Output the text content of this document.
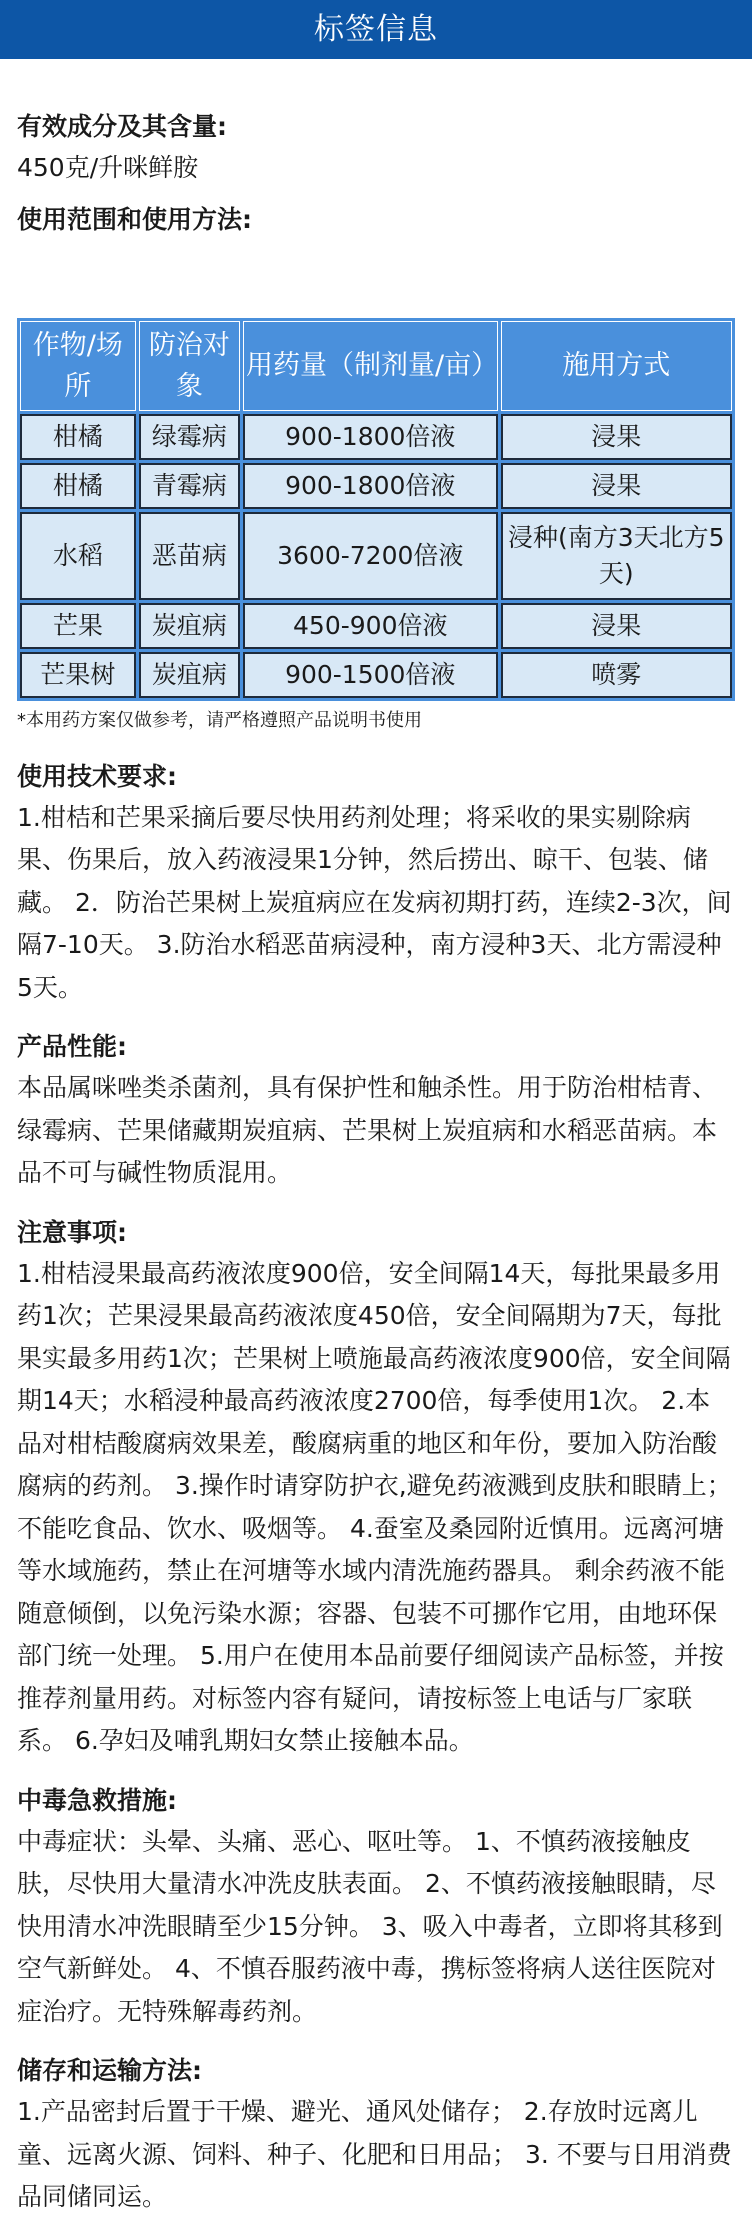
标签信息

有效成分及其含量:

450克/升咪鲜胺

使用范围和使用方法:

作物/场所	防治对象	用药量（制剂量/亩）	施用方式
柑橘	绿霉病	900-1800倍液	浸果
柑橘	青霉病	900-1800倍液	浸果
水稻	恶苗病	3600-7200倍液	浸种(南方3天北方5天)
芒果	炭疽病	450-900倍液	浸果
芒果树	炭疽病	900-1500倍液	喷雾

*本用药方案仅做参考，请严格遵照产品说明书使用

使用技术要求:

1.柑桔和芒果采摘后要尽快用药剂处理；将采收的果实剔除病果、伤果后，放入药液浸果1分钟，然后捞出、晾干、包装、储藏。 2．防治芒果树上炭疽病应在发病初期打药，连续2-3次，间隔7-10天。 3.防治水稻恶苗病浸种，南方浸种3天、北方需浸种5天。

产品性能:

本品属咪唑类杀菌剂，具有保护性和触杀性。用于防治柑桔青、绿霉病、芒果储藏期炭疽病、芒果树上炭疽病和水稻恶苗病。本品不可与碱性物质混用。

注意事项:

1.柑桔浸果最高药液浓度900倍，安全间隔14天，每批果最多用药1次；芒果浸果最高药液浓度450倍，安全间隔期为7天，每批果实最多用药1次；芒果树上喷施最高药液浓度900倍，安全间隔期14天；水稻浸种最高药液浓度2700倍，每季使用1次。 2.本品对柑桔酸腐病效果差，酸腐病重的地区和年份，要加入防治酸腐病的药剂。 3.操作时请穿防护衣,避免药液溅到皮肤和眼睛上；不能吃食品、饮水、吸烟等。 4.蚕室及桑园附近慎用。远离河塘等水域施药，禁止在河塘等水域内清洗施药器具。 剩余药液不能随意倾倒，以免污染水源；容器、包装不可挪作它用，由地环保部门统一处理。 5.用户在使用本品前要仔细阅读产品标签，并按推荐剂量用药。对标签内容有疑问，请按标签上电话与厂家联系。 6.孕妇及哺乳期妇女禁止接触本品。

中毒急救措施:

中毒症状：头晕、头痛、恶心、呕吐等。 1、不慎药液接触皮肤，尽快用大量清水冲洗皮肤表面。 2、不慎药液接触眼睛，尽快用清水冲洗眼睛至少15分钟。 3、吸入中毒者，立即将其移到空气新鲜处。 4、不慎吞服药液中毒，携标签将病人送往医院对症治疗。无特殊解毒药剂。

储存和运输方法:

1.产品密封后置于干燥、避光、通风处储存； 2.存放时远离儿童、远离火源、饲料、种子、化肥和日用品； 3. 不要与日用消费品同储同运。
